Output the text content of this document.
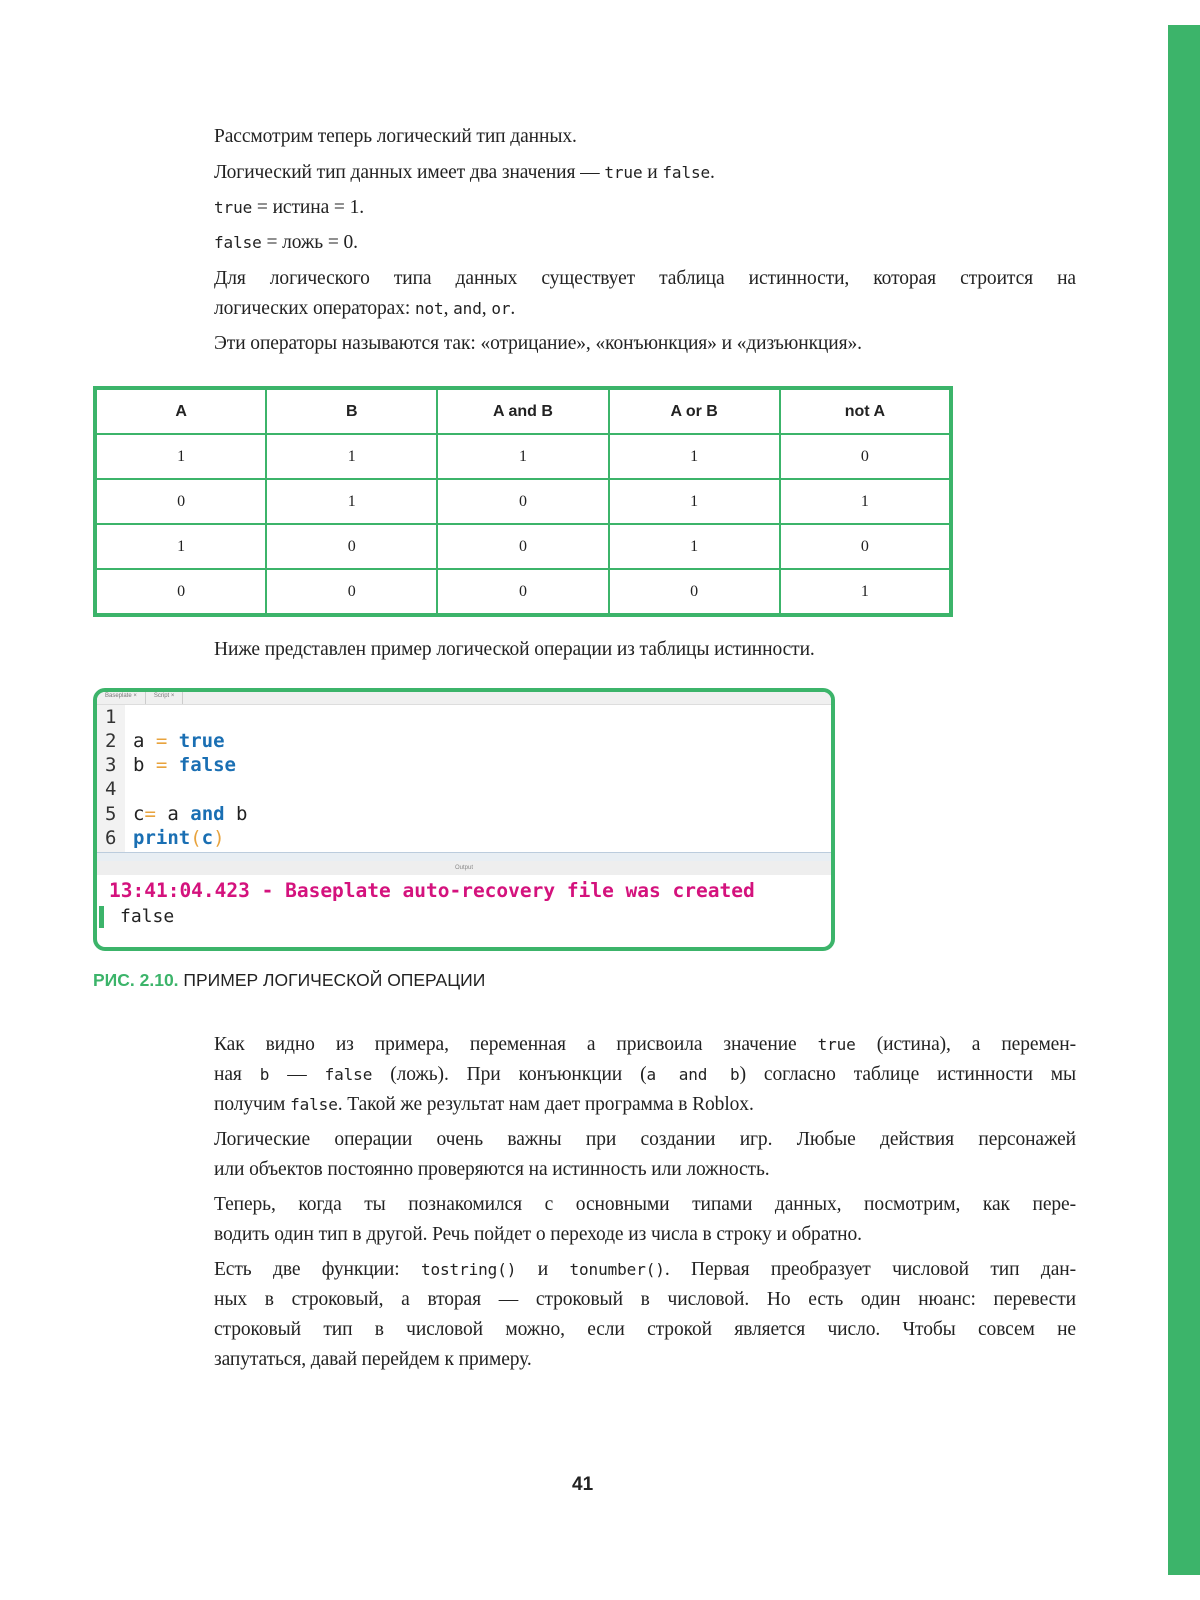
Рассмотрим теперь логический тип данных.
Логический тип данных имеет два значения — true и false.
true = истина = 1.
false = ложь = 0.
Для логического типа данных существует таблица истинности, которая строится на
логических операторах: not, and, or.
Эти операторы называются так: «отрицание», «конъюнкция» и «дизъюнкция».
A	B	A and B	A or B	not A
1	1	1	1	0
0	1	0	1	1
1	0	0	1	0
0	0	0	0	1
Ниже представлен пример логической операции из таблицы истинности.
Baseplate ×	Script ×
1
2 a = true
3 b = false
4
5 c= a and b
6 print(c)
Output
13:41:04.423 - Baseplate auto-recovery file was created
false
РИС. 2.10. ПРИМЕР ЛОГИЧЕСКОЙ ОПЕРАЦИИ
Как видно из примера, переменная a присвоила значение true (истина), а перемен-
ная b — false (ложь). При конъюнкции (a and b) согласно таблице истинности мы
получим false. Такой же результат нам дает программа в Roblox.
Логические операции очень важны при создании игр. Любые действия персонажей
или объектов постоянно проверяются на истинность или ложность.
Теперь, когда ты познакомился с основными типами данных, посмотрим, как пере-
водить один тип в другой. Речь пойдет о переходе из числа в строку и обратно.
Есть две функции: tostring() и tonumber(). Первая преобразует числовой тип дан-
ных в строковый, а вторая — строковый в числовой. Но есть один нюанс: перевести
строковый тип в числовой можно, если строкой является число. Чтобы совсем не
запутаться, давай перейдем к примеру.
41
